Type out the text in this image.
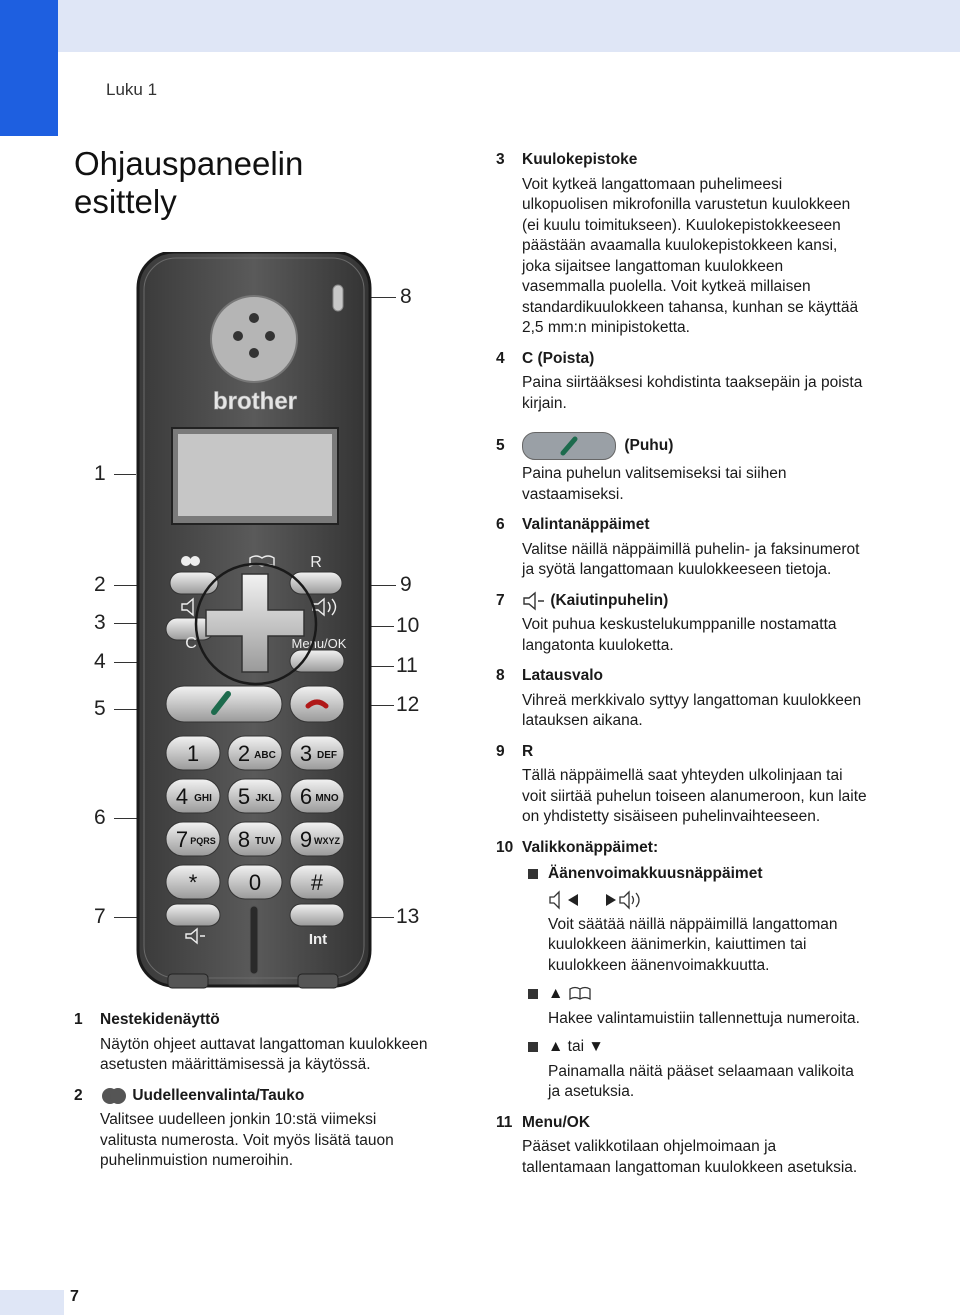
Luku 1
Ohjauspaneelin
esittely
7
1
2
3
4
5
6
7
8
9
10
11
12
13
brother
R
C	Menu/OK
1 2 ABC 3 DEF
4 GHI 5 JKL 6 MNO
7 PQRS 8 TUV 9 WXYZ
* 0 #
Int
1 Nestekidenäyttö
Näytön ohjeet auttavat langattoman kuulokkeen asetusten määrittämisessä ja käytössä.
2	Uudelleenvalinta/Tauko
Valitsee uudelleen jonkin 10:stä viimeksi valitusta numerosta. Voit myös lisätä tauon puhelinmuistion numeroihin.
3 Kuulokepistoke
Voit kytkeä langattomaan puhelimeesi ulkopuolisen mikrofonilla varustetun kuulokkeen (ei kuulu toimitukseen). Kuulokepistokkeeseen päästään avaamalla kuulokepistokkeen kansi, joka sijaitsee langattoman kuulokkeen vasemmalla puolella. Voit kytkeä millaisen standardikuulokkeen tahansa, kunhan se käyttää 2,5 mm:n minipistoketta.
4 C (Poista)
Paina siirtääksesi kohdistinta taaksepäin ja poista kirjain.
5	(Puhu)
Paina puhelun valitsemiseksi tai siihen vastaamiseksi.
6 Valintanäppäimet
Valitse näillä näppäimillä puhelin- ja faksinumerot ja syötä langattomaan kuulokkeeseen tietoja.
7	(Kaiutinpuhelin)
Voit puhua keskustelukumppanille nostamatta langatonta kuuloketta.
8 Latausvalo
Vihreä merkkivalo syttyy langattoman kuulokkeen latauksen aikana.
9 R
Tällä näppäimellä saat yhteyden ulkolinjaan tai voit siirtää puhelun toiseen alanumeroon, kun laite on yhdistetty sisäiseen puhelinvaihteeseen.
10 Valikkonäppäimet:
Äänenvoimakkuusnäppäimet
Voit säätää näillä näppäimillä langattoman kuulokkeen äänimerkin, kaiuttimen tai kuulokkeen äänenvoimakkuutta.
▲
Hakee valintamuistiin tallennettuja numeroita.
▲ tai ▼
Painamalla näitä pääset selaamaan valikoita ja asetuksia.
11 Menu/OK
Pääset valikkotilaan ohjelmoimaan ja tallentamaan langattoman kuulokkeen asetuksia.
